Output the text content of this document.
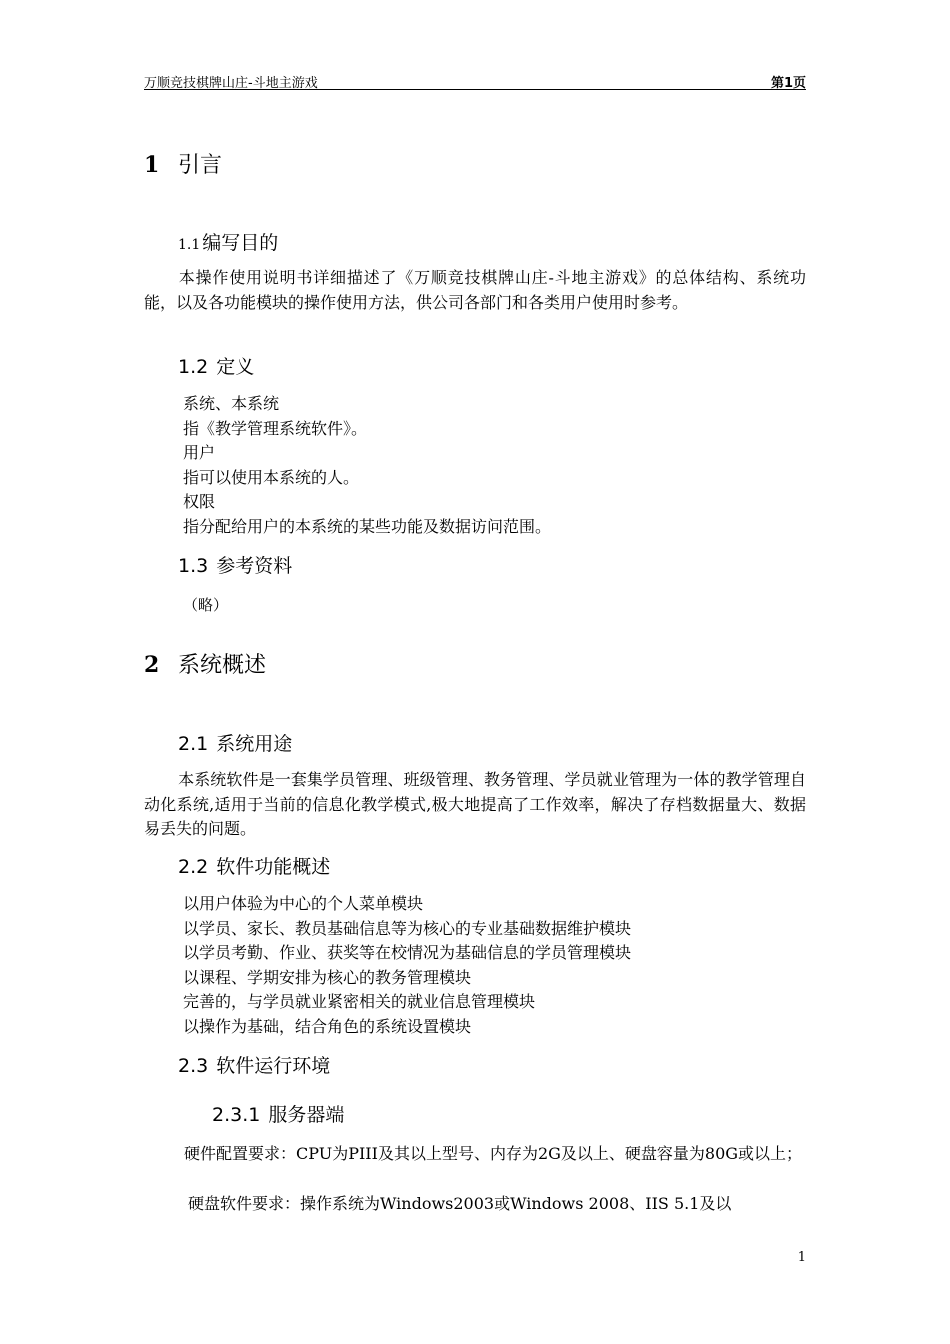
万顺竞技棋牌山庄-斗地主游戏	第1页
1 引言
1.1 编写目的
本操作使用说明书详细描述了《万顺竞技棋牌山庄-斗地主游戏》的总体结构、系统功能，以及各功能模块的操作使用方法，供公司各部门和各类用户使用时参考。
1.2 定义
系统、本系统
指《教学管理系统软件》。
用户
指可以使用本系统的人。
权限
指分配给用户的本系统的某些功能及数据访问范围。
1.3 参考资料
（略）
2 系统概述
2.1 系统用途
本系统软件是一套集学员管理、班级管理、教务管理、学员就业管理为一体的教学管理自动化系统,适用于当前的信息化教学模式,极大地提高了工作效率，解决了存档数据量大、数据易丢失的问题。
2.2 软件功能概述
以用户体验为中心的个人菜单模块
以学员、家长、教员基础信息等为核心的专业基础数据维护模块
以学员考勤、作业、获奖等在校情况为基础信息的学员管理模块
以课程、学期安排为核心的教务管理模块
完善的，与学员就业紧密相关的就业信息管理模块
以操作为基础，结合角色的系统设置模块
2.3 软件运行环境
2.3.1 服务器端
硬件配置要求：CPU为PIII及其以上型号、内存为2G及以上、硬盘容量为80G或以上；
硬盘软件要求：操作系统为Windows2003或Windows 2008、IIS 5.1及以
1
